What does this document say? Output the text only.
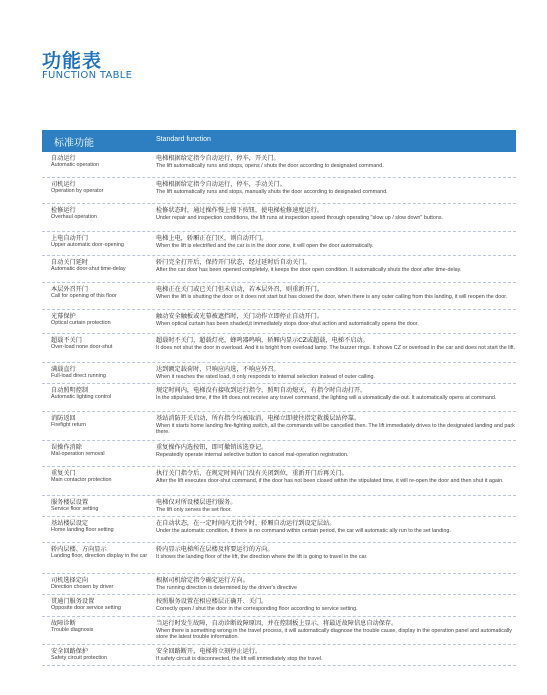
功能表
FUNCTION TABLE
标准功能	Standard function
自动运行
Automatic operation
电梯根据给定指令自动运行，停车，开关门。
The lift automatically runs and stops, opens / shuts the door according to designated command.
司机运行
Operation by operator
电梯根据给定指令自动运行，停车，手动关门。
The lift automatically runs and stops, manually shuts the door according to designated command.
检修运行
Overhaul operation
检修状态时，通过操作慢上慢下按钮，使电梯检修速度运行。
Under repair and inspection conditions, the lift runs at inspection speed through operating "slow up / slow down" buttons.
上电自动开门
Upper automatic door-opening
电梯上电，轿厢正在门区，则自动开门。
When the lift is electrified and the car is in the door zone, it will open the door automatically.
自动关门延时
Automatic door-shut time-delay
轿门完全打开后，保持开门状态，经过延时后自动关门。
After the car door has been opened completely, it keeps the door open condition. It automatically shuts the door after time-delay.
本层外召开门
Call for opening of this floor
电梯正在关门或已关门但未启动，若本层外召，则重新开门。
When the lift is shutting the door or it does not start but has closed the door, when there is any outer calling from this landing, it will reopen the door.
光幕保护
Optical curtain protection
触动安全触板或光幕被遮挡时，关门动作立即停止自动开门。
When optical curtain has been shaded,it immediately stops door-shut action and automatically opens the door.
超载不关门
Over-load none door-shut
超载时不关门，超载灯亮，蜂鸣器鸣响，轿厢内显示CZ或超载，电梯不启动。
It does not shut the door in overload. And it is bright from overload lamp. The buzzer rings. It shows CZ or overload in the car and does not start the lift.
满载直行
Full-load direct running
达到额定载荷时，只响应内选，不响应外召。
When it reaches the rated load, it only responds to internal selection instead of outer calling.
自动照明控制
Automatic lighting control
规定时间内，电梯没有接收到运行指令，照明自动熄灭，有指令时自动打开。
In the stipulated time, if the lift does not receive any travel command, the lighting will a utomatically die out. It automatically opens at command.
消防返回
Firefight return
基站消防开关启动，所有指令均被取消，电梯立即驶往指定救援层站停靠。
When it starts home landing fire-fighting switch, all the commands will be cancelled then. The lift immediately drives to the designated landing and park there.
误操作消除
Mal-operation removal
重复操作内选按钮，即可撤销该选登记。
Repeatedly operate internal selective button to cancel mal-operation registration.
重复关门
Main contactor protection
执行关门指令后，在规定时间内门没有关闭到位，重新开门后再关门。
After the lift executes door-shut command, if the door has not been closed within the stipulated time, it will re-open the door and then shut it again.
服务楼层设置
Service floor setting
电梯仅对所设楼层进行服务。
The lift only serves the set floor.
基站楼层设定
Home landing floor setting
在自动状态，在一定时间内无指令时，轿厢自动运行到设定层站。
Under the automatic condition, if there is no command within certain period, the car will automatic ally run to the set landing.
轿内层楼、方向显示
Landing floor, direction display in the car
轿内显示电梯所在层楼及将要运行的方向。
It shows the landing floor of the lift, the direction where the lift is going to travel in the car.
司机选择定向
Direction chosen by driver
根据司机给定指令确定运行方向。
The running direction is determined by the driver's directive
贯通门服务设置
Opposite door service setting
按照服务设置在相应楼层正确开、关门。
Correctly open / shut the door in the corresponding floor according to service setting.
故障诊断
Trouble diagnosis
当运行时发生故障，自动诊断故障原因，并在控制板上显示，将最近故障信息自动保存。
When there is something wrong in the travel process, it will automatically diagnose the trouble cause, display in the operation panel and automatically store the latest trouble information.
安全回路保护
Safety circuit protection
安全回路断开，电梯将立刻停止运行。
If safety circuit is disconnected, the lift will immediately stop the travel.
